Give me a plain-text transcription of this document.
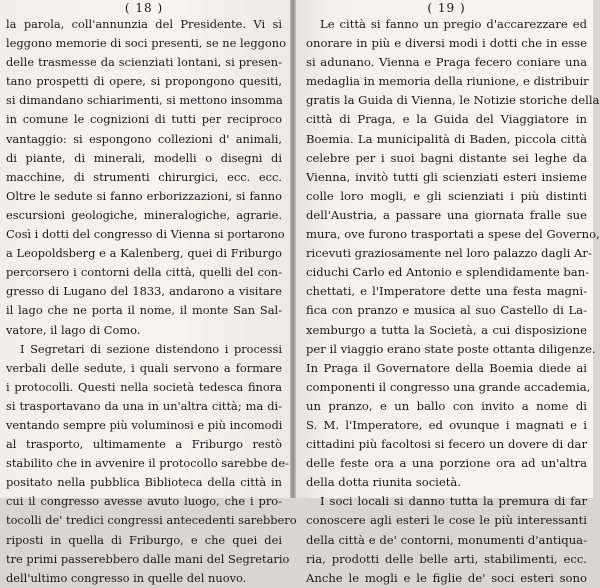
( 18 )
la parola, coll'annunzia del Presidente. Vi si
leggono memorie di soci presenti, se ne leggono
delle trasmesse da scienziati lontani, si presen-
tano prospetti di opere, si propongono quesiti,
si dimandano schiarimenti, si mettono insomma
in comune le cognizioni di tutti per reciproco
vantaggio: si espongono collezioni d' animali,
di piante, di minerali, modelli o disegni di
macchine, di strumenti chirurgici, ecc. ecc.
Oltre le sedute si fanno erborizzazioni, si fanno
escursioni geologiche, mineralogiche, agrarie.
Così i dotti del congresso di Vienna si portarono
a Leopoldsberg e a Kalenberg, quei di Friburgo
percorsero i contorni della città, quelli del con-
gresso di Lugano del 1833, andarono a visitare
il lago che ne porta il nome, il monte San Sal-
vatore, il lago di Como.
I Segretari di sezione distendono i processi
verbali delle sedute, i quali servono a formare
i protocolli. Questi nella società tedesca finora
si trasportavano da una in un'altra città; ma di-
ventando sempre più voluminosi e più incomodi
al trasporto, ultimamente a Friburgo restò
stabilito che in avvenire il protocollo sarebbe de-
positato nella pubblica Biblioteca della città in
cui il congresso avesse avuto luogo, che i pro-
tocolli de' tredici congressi antecedenti sarebbero
riposti in quella di Friburgo, e che quei dei
tre primi passerebbero dalle mani del Segretario
dell'ultimo congresso in quelle del nuovo.
( 19 )
Le città si fanno un pregio d'accarezzare ed
onorare in più e diversi modi i dotti che in esse
si adunano. Vienna e Praga fecero coniare una
medaglia in memoria della riunione, e distribuir
gratis la Guida di Vienna, le Notizie storiche della
città di Praga, e la Guida del Viaggiatore in
Boemia. La municipalità di Baden, piccola città
celebre per i suoi bagni distante sei leghe da
Vienna, invitò tutti gli scienziati esteri insieme
colle loro mogli, e gli scienziati i più distinti
dell'Austria, a passare una giornata fralle sue
mura, ove furono trasportati a spese del Governo,
ricevuti graziosamente nel loro palazzo dagli Ar-
ciduchi Carlo ed Antonio e splendidamente ban-
chettati, e l'Imperatore dette una festa magni-
fica con pranzo e musica al suo Castello di La-
xemburgo a tutta la Società, a cui disposizione
per il viaggio erano state poste ottanta diligenze.
In Praga il Governatore della Boemia diede ai
componenti il congresso una grande accademia,
un pranzo, e un ballo con invito a nome di
S. M. l'Imperatore, ed ovunque i magnati e i
cittadini più facoltosi si fecero un dovere di dar
delle feste ora a una porzione ora ad un'altra
della dotta riunita società.
I soci locali si danno tutta la premura di far
conoscere agli esteri le cose le più interessanti
della città e de' contorni, monumenti d'antiqua-
ria, prodotti delle belle arti, stabilimenti, ecc.
Anche le mogli e le figlie de' soci esteri sono
